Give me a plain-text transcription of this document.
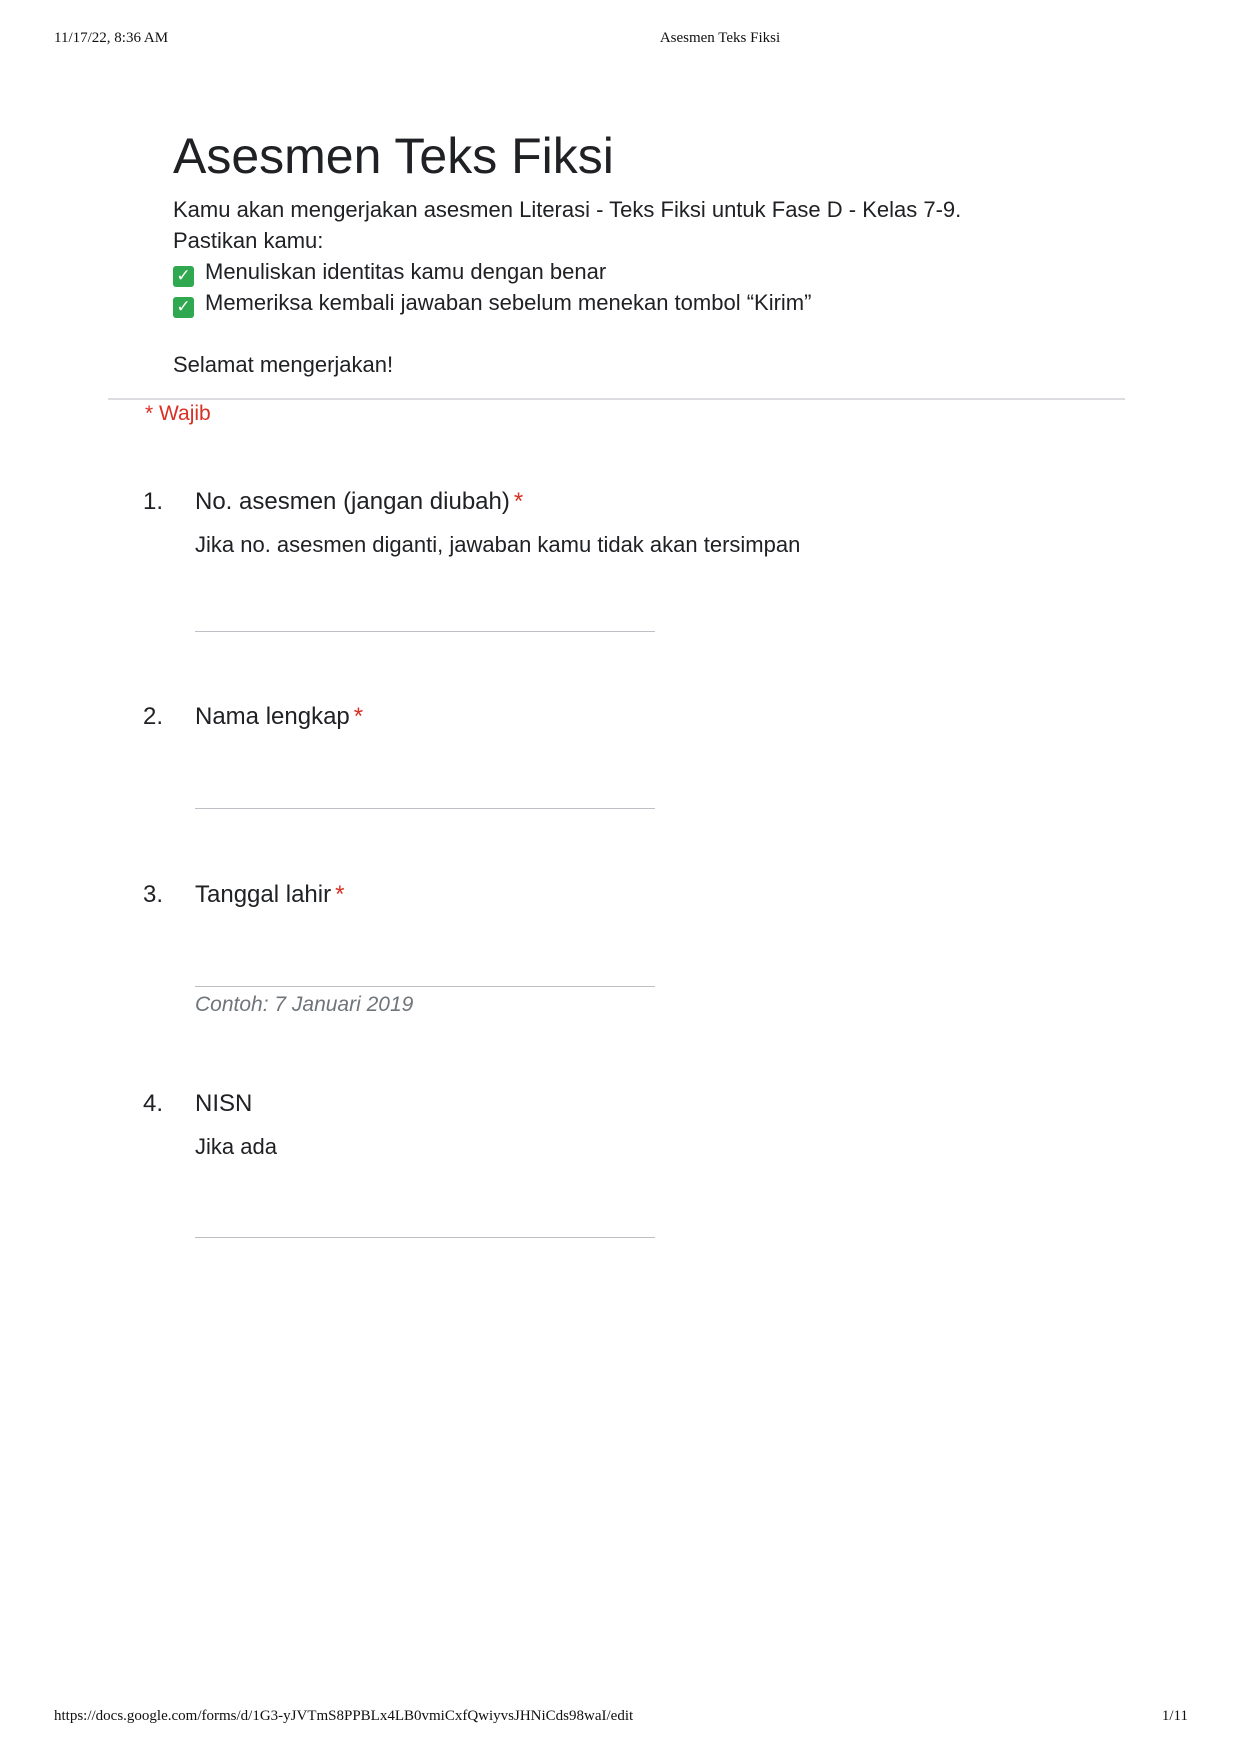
11/17/22, 8:36 AM	Asesmen Teks Fiksi
Asesmen Teks Fiksi
Kamu akan mengerjakan asesmen Literasi - Teks Fiksi untuk Fase D - Kelas 7-9.
Pastikan kamu:
✓ Menuliskan identitas kamu dengan benar
✓ Memeriksa kembali jawaban sebelum menekan tombol “Kirim”
Selamat mengerjakan!
* Wajib
1. No. asesmen (jangan diubah) *
Jika no. asesmen diganti, jawaban kamu tidak akan tersimpan
2. Nama lengkap *
3. Tanggal lahir *
Contoh: 7 Januari 2019
4. NISN
Jika ada
https://docs.google.com/forms/d/1G3-yJVTmS8PPBLx4LB0vmiCxfQwiyvsJHNiCds98waI/edit	1/11
